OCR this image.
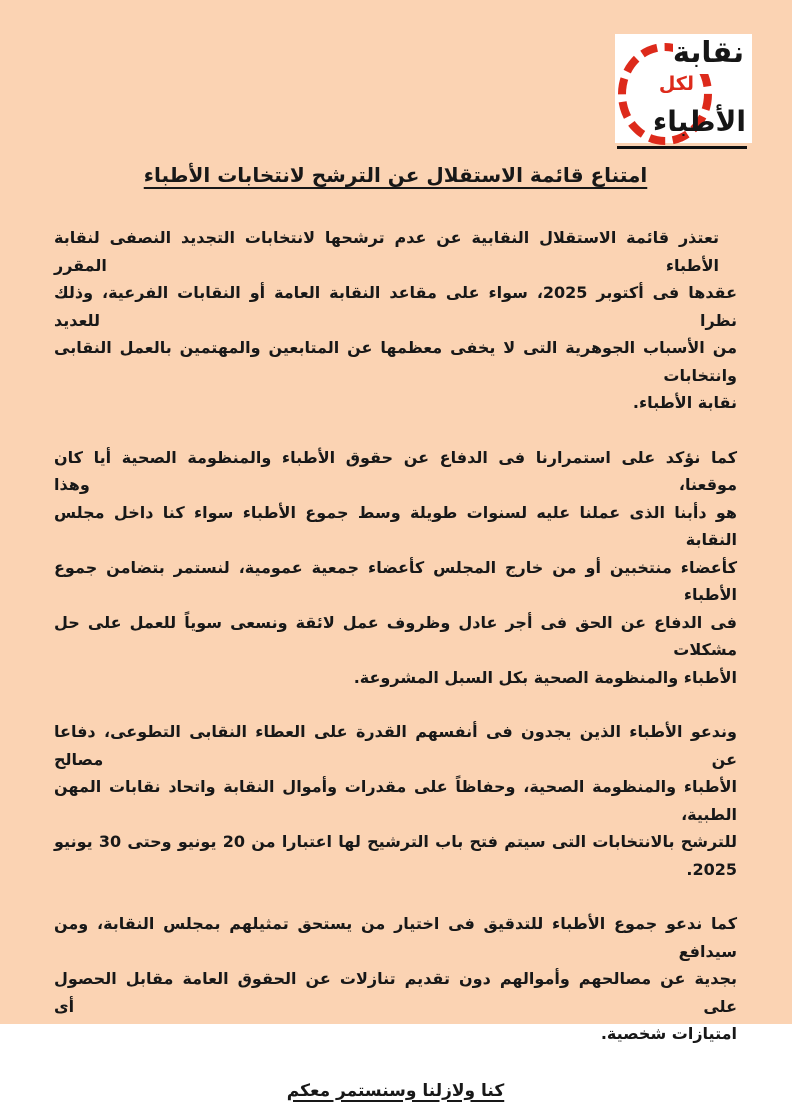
نقابة
لكل
الأطباء
امتناع قائمة الاستقلال عن الترشح لانتخابات الأطباء
تعتذر قائمة الاستقلال النقابية عن عدم ترشحها لانتخابات التجديد النصفى لنقابة الأطباء المقرر
عقدها فى أكتوبر 2025، سواء على مقاعد النقابة العامة أو النقابات الفرعية، وذلك نظرا للعديد
من الأسباب الجوهرية التى لا يخفى معظمها عن المتابعين والمهتمين بالعمل النقابى وانتخابات
نقابة الأطباء.
كما نؤكد على استمرارنا فى الدفاع عن حقوق الأطباء والمنظومة الصحية أيا كان موقعنا، وهذا
هو دأبنا الذى عملنا عليه لسنوات طويلة وسط جموع الأطباء سواء كنا داخل مجلس النقابة
كأعضاء منتخبين أو من خارج المجلس كأعضاء جمعية عمومية، لنستمر بتضامن جموع الأطباء
فى الدفاع عن الحق فى أجر عادل وظروف عمل لائقة ونسعى سوياً للعمل على حل مشكلات
الأطباء والمنظومة الصحية بكل السبل المشروعة.
وندعو الأطباء الذين يجدون فى أنفسهم القدرة على العطاء النقابى التطوعى، دفاعا عن مصالح
الأطباء والمنظومة الصحية، وحفاظاً على مقدرات وأموال النقابة واتحاد نقابات المهن الطبية،
للترشح بالانتخابات التى سيتم فتح باب الترشيح لها اعتبارا من 20 يونيو وحتى 30 يونيو
2025.
كما ندعو جموع الأطباء للتدقيق فى اختيار من يستحق تمثيلهم بمجلس النقابة، ومن سيدافع
بجدية عن مصالحهم وأموالهم دون تقديم تنازلات عن الحقوق العامة مقابل الحصول على أى
امتيازات شخصية.
كنا ولازلنا وسنستمر معكم
